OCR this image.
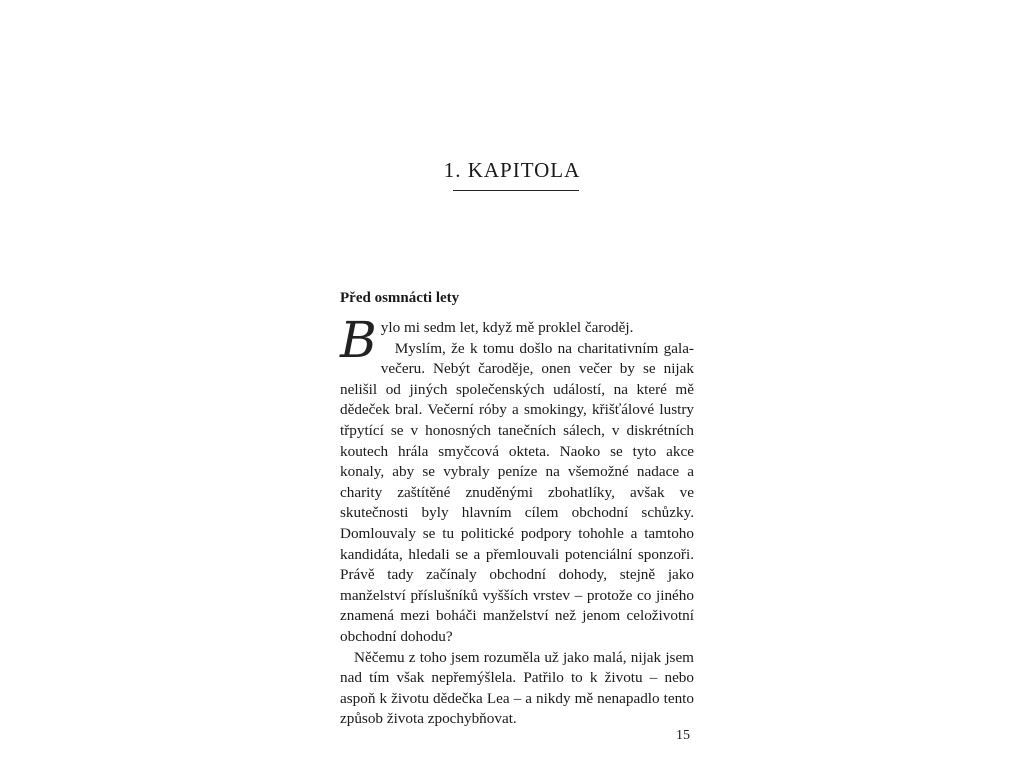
1. KAPITOLA
Před osmnácti lety

B ylo mi sedm let, když mě proklel čaroděj.

Myslím, že k tomu došlo na charitativním gala- večeru. Nebýt čaroděje, onen večer by se nijak nelišil od jiných společenských událostí, na které mě dědeček bral. Večerní róby a smokingy, křišťálové lustry třpytící se v honosných tanečních sálech, v diskrétních koutech hrála smyčcová okteta. Naoko se tyto akce konaly, aby se vybraly peníze na všemožné nadace a charity zaštítěné znuděnými zbohatlíky, avšak ve skutečnosti byly hlavním cílem obchodní schůzky. Domlouvaly se tu politické podpory tohohle a tamtoho kandidáta, hledali se a přemlouvali potenciální sponzoři. Právě tady začínaly obchodní dohody, stejně jako manželství příslušníků vyšších vrstev – protože co jiného znamená mezi boháči manželství než jenom celoživotní obchodní dohodu?

Něčemu z toho jsem rozuměla už jako malá, nijak jsem nad tím však nepřemýšlela. Patřilo to k životu – nebo aspoň k životu dědečka Lea – a nikdy mě nenapadlo tento způsob života zpochybňovat.

15
